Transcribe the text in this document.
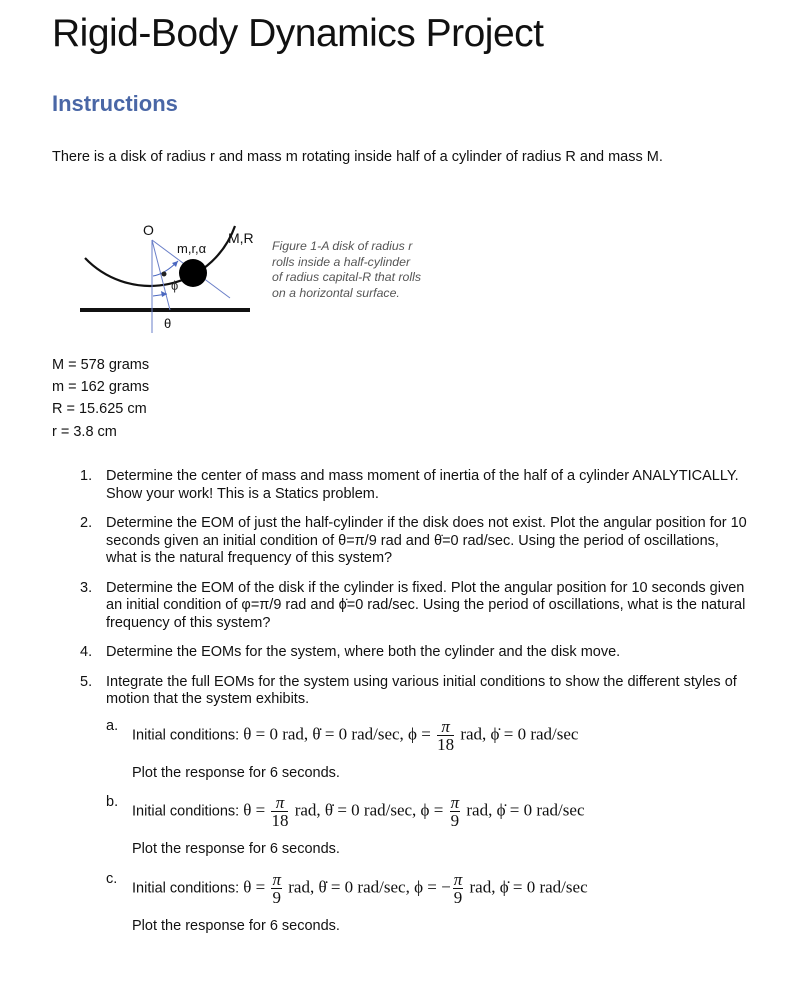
Rigid-Body Dynamics Project
Instructions
There is a disk of radius r and mass m rotating inside half of a cylinder of radius R and mass M.
O	M,R
m,r,α
ϕ
θ
Figure 1-A disk of radius r rolls inside a half-cylinder of radius capital-R that rolls on a horizontal surface.
M = 578 grams
m = 162 grams
R = 15.625 cm
r = 3.8 cm
1. Determine the center of mass and mass moment of inertia of the half of a cylinder ANALYTICALLY. Show your work! This is a Statics problem.
2. Determine the EOM of just the half-cylinder if the disk does not exist. Plot the angular position for 10 seconds given an initial condition of θ=π/9 rad and θ̇=0 rad/sec. Using the period of oscillations, what is the natural frequency of this system?
3. Determine the EOM of the disk if the cylinder is fixed. Plot the angular position for 10 seconds given an initial condition of φ=π/9 rad and ϕ̇=0 rad/sec. Using the period of oscillations, what is the natural frequency of this system?
4. Determine the EOMs for the system, where both the cylinder and the disk move.
5. Integrate the full EOMs for the system using various initial conditions to show the different styles of motion that the system exhibits.
a.
Initial conditions: θ = 0 rad, θ̇ = 0 rad/sec, $\phi = \frac{\pi}{18}$ rad, ϕ̇ = 0 rad/sec
Plot the response for 6 seconds.
b.
Initial conditions: $\theta = \frac{\pi}{18}$ rad, θ̇ = 0 rad/sec, $\phi = \frac{\pi}{9}$ rad, ϕ̇ = 0 rad/sec
Plot the response for 6 seconds.
c.
Initial conditions: $\theta = \frac{\pi}{9}$ rad, θ̇ = 0 rad/sec, ϕ = − $\frac{\pi}{9}$ rad, ϕ̇ = 0 rad/sec
Plot the response for 6 seconds.
